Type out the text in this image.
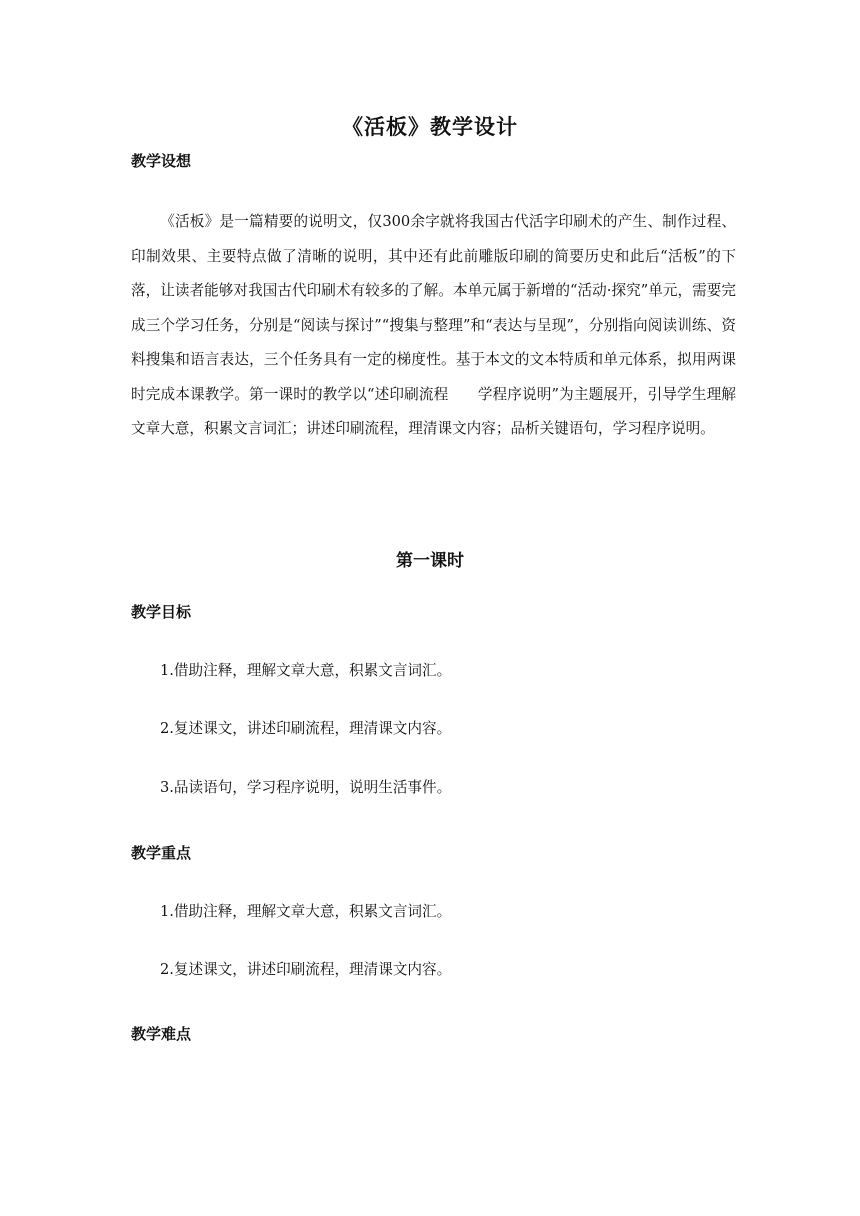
《活板》教学设计
教学设想

《活板》是一篇精要的说明文，仅300余字就将我国古代活字印刷术的产生、制作过程、印制效果、主要特点做了清晰的说明，其中还有此前雕版印刷的简要历史和此后“活板”的下落，让读者能够对我国古代印刷术有较多的了解。本单元属于新增的“活动·探究”单元，需要完成三个学习任务，分别是“阅读与探讨”“搜集与整理”和“表达与呈现”，分别指向阅读训练、资料搜集和语言表达，三个任务具有一定的梯度性。基于本文的文本特质和单元体系，拟用两课时完成本课教学。第一课时的教学以“述印刷流程　　学程序说明”为主题展开，引导学生理解文章大意，积累文言词汇；讲述印刷流程，理清课文内容；品析关键语句，学习程序说明。

第一课时
教学目标
1.借助注释，理解文章大意，积累文言词汇。
2.复述课文，讲述印刷流程，理清课文内容。
3.品读语句，学习程序说明，说明生活事件。
教学重点
1.借助注释，理解文章大意，积累文言词汇。
2.复述课文，讲述印刷流程，理清课文内容。
教学难点
